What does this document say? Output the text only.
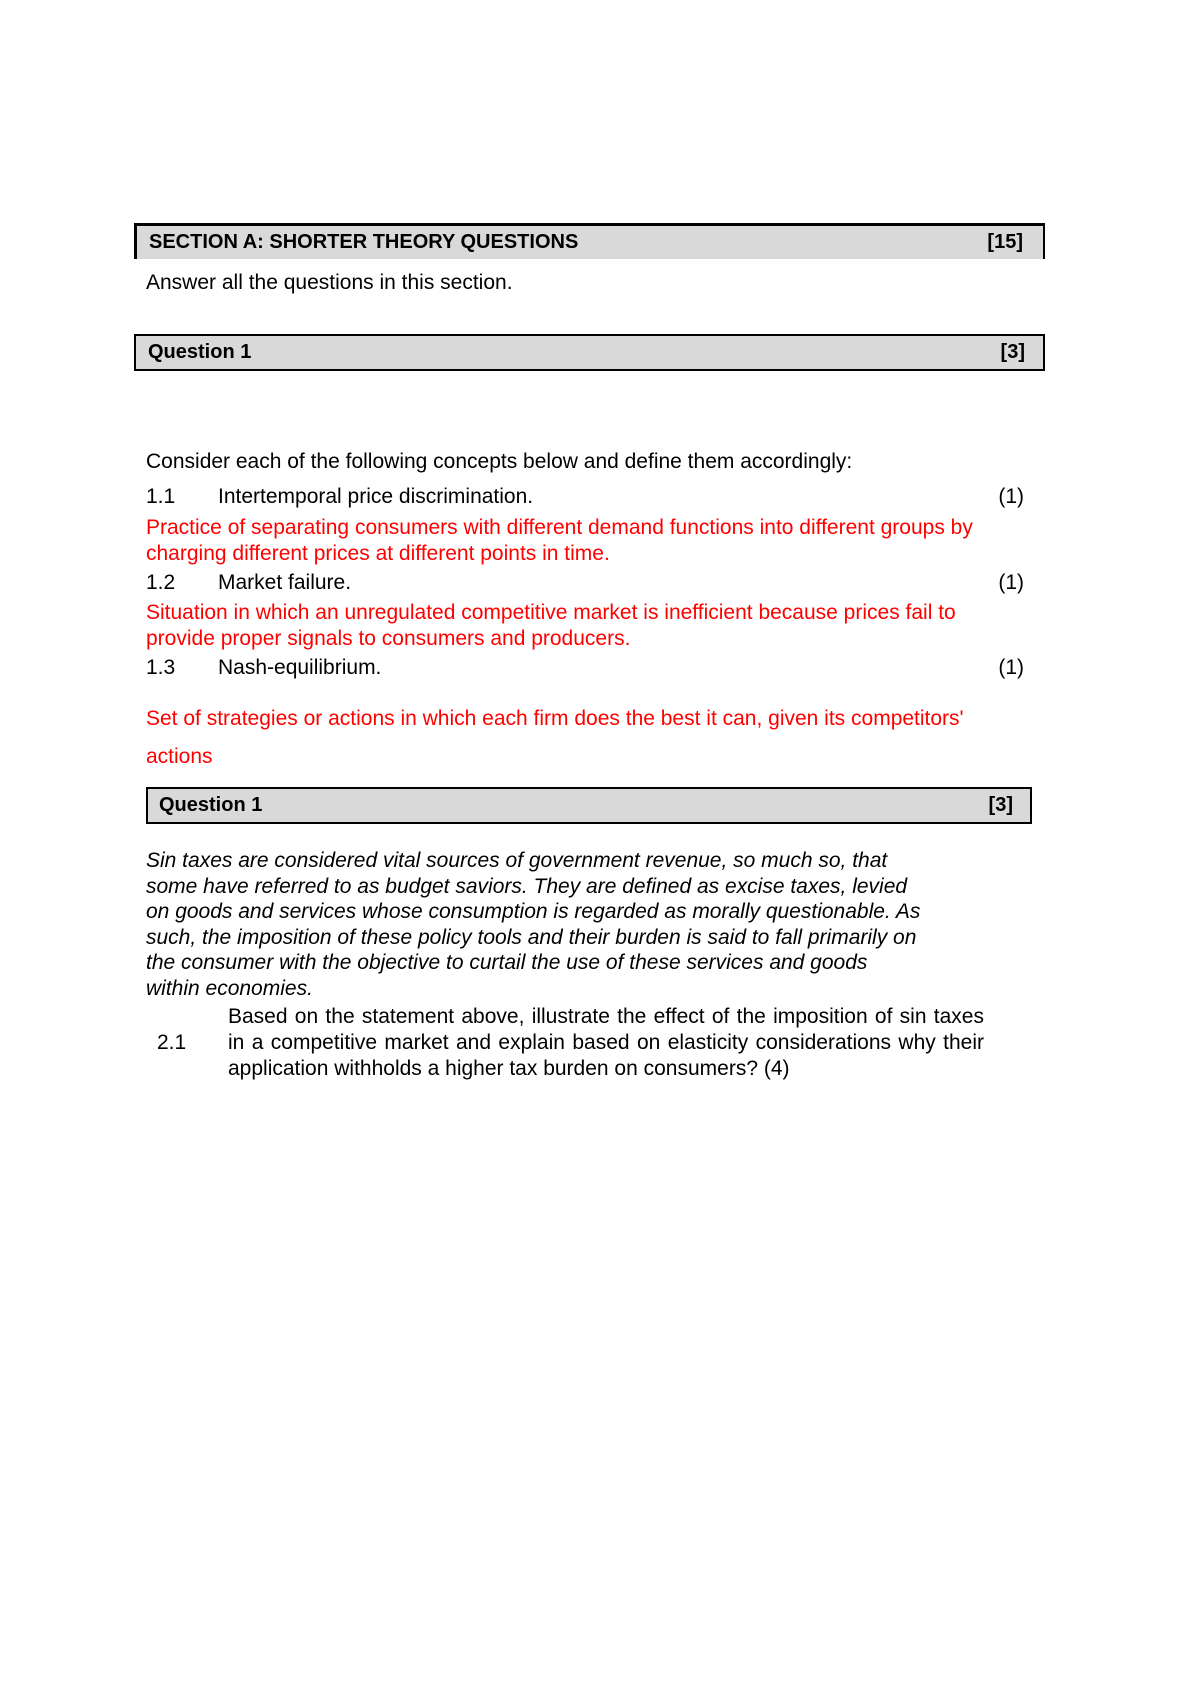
SECTION A: SHORTER THEORY QUESTIONS	[15]
Answer all the questions in this section.
Question 1	[3]
Consider each of the following concepts below and define them accordingly:
1.1 Intertemporal price discrimination.	(1)
Practice of separating consumers with different demand functions into different groups by
charging different prices at different points in time.
1.2 Market failure.	(1)
Situation in which an unregulated competitive market is inefficient because prices fail to
provide proper signals to consumers and producers.
1.3 Nash-equilibrium.	(1)
Set of strategies or actions in which each firm does the best it can, given its competitors'
actions
Question 1	[3]
Sin taxes are considered vital sources of government revenue, so much so, that
some have referred to as budget saviors. They are defined as excise taxes, levied
on goods and services whose consumption is regarded as morally questionable. As
such, the imposition of these policy tools and their burden is said to fall primarily on
the consumer with the objective to curtail the use of these services and goods
within economies.
2.1
Based on the statement above, illustrate the effect of the imposition of sin taxes in a competitive market and explain based on elasticity considerations why their application withholds a higher tax burden on consumers? (4)
